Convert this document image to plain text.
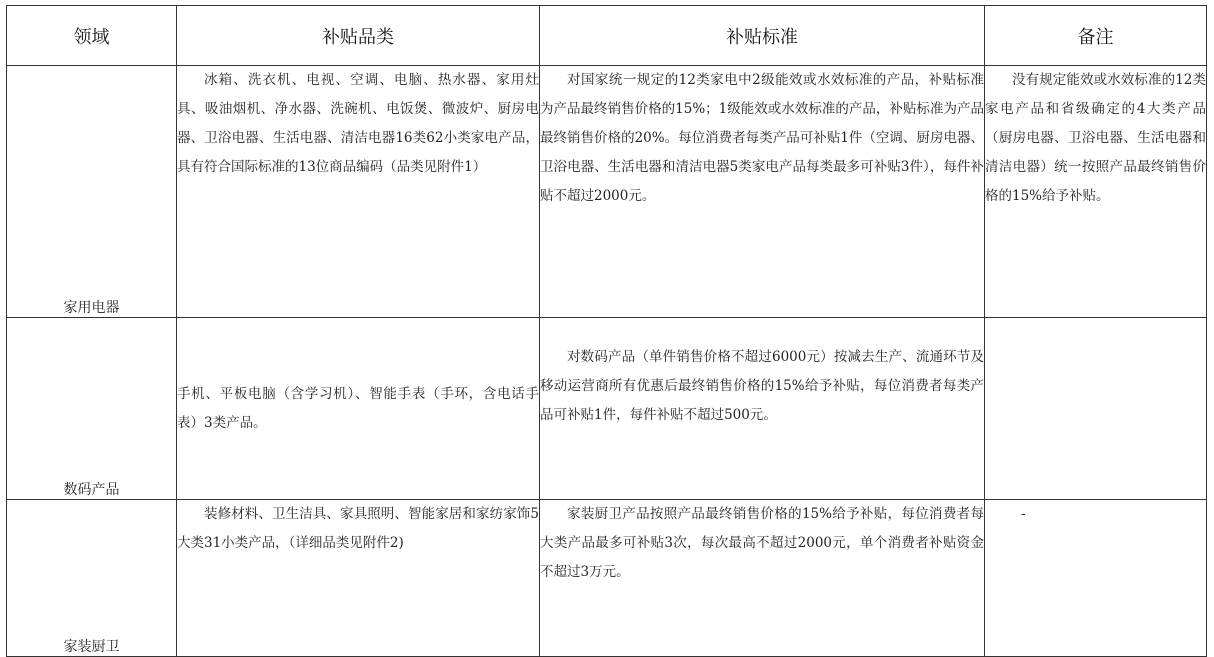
领域	补贴品类	补贴标准	备注
家用电器	冰箱、洗衣机、电视、空调、电脑、热水器、家用灶具、吸油烟机、净水器、洗碗机、电饭煲、微波炉、厨房电器、卫浴电器、生活电器、清洁电器16类62小类家电产品，具有符合国际标准的13位商品编码（品类见附件1）	对国家统一规定的12类家电中2级能效或水效标准的产品，补贴标准为产品最终销售价格的15%；1级能效或水效标准的产品，补贴标准为产品最终销售价格的20%。每位消费者每类产品可补贴1件（空调、厨房电器、卫浴电器、生活电器和清洁电器5类家电产品每类最多可补贴3件），每件补贴不超过2000元。	没有规定能效或水效标准的12类家电产品和省级确定的4大类产品（厨房电器、卫浴电器、生活电器和清洁电器）统一按照产品最终销售价格的15%给予补贴。

数码产品	手机、平板电脑（含学习机）、智能手表（手环，含电话手表）3类产品。	对数码产品（单件销售价格不超过6000元）按减去生产、流通环节及移动运营商所有优惠后最终销售价格的15%给予补贴，每位消费者每类产品可补贴1件，每件补贴不超过500元。	

家装厨卫	装修材料、卫生洁具、家具照明、智能家居和家纺家饰5大类31小类产品，（详细品类见附件2)	家装厨卫产品按照产品最终销售价格的15%给予补贴，每位消费者每大类产品最多可补贴3次，每次最高不超过2000元，单个消费者补贴资金不超过3万元。	-
